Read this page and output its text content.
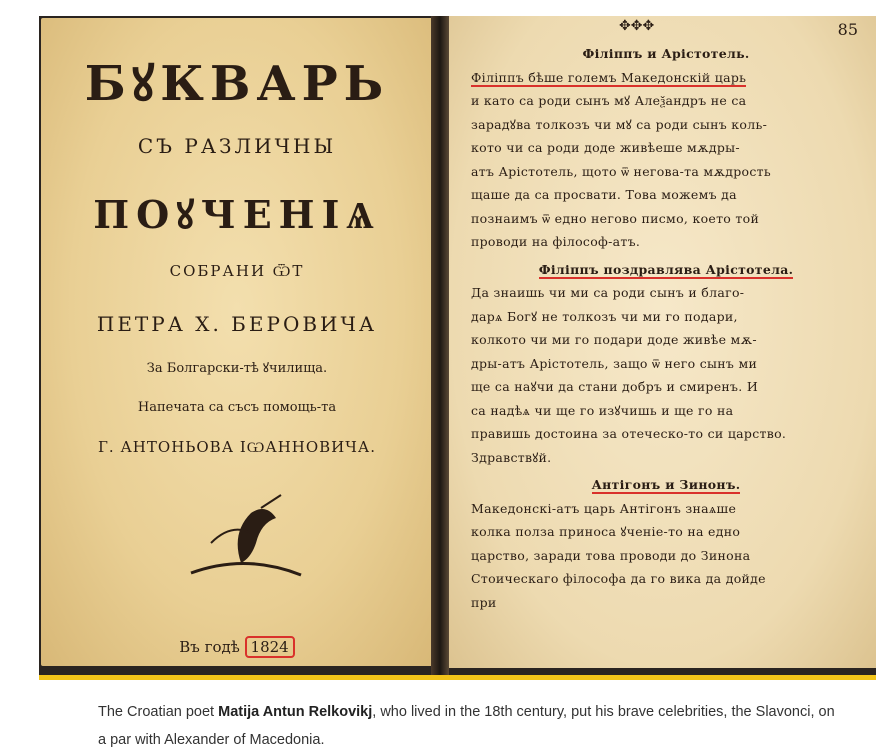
БꙋКВАРЬ
СЪ РАЗЛИЧНЫ
ПОꙋЧЕНІѦ
СОБРАНИ ѾТ
ПЕТРА Х. БЕРОВИЧА
За Болгарски-тѣ ꙋчилища.
Напечата са съсъ помощь-та
Г. АНТОНЬОВА ІѠАННОВИЧА.
Въ годѣ 1824
85
✥✥✥
Філіппъ и Арістотель.
Філіппъ бѣше големъ Македонскій царь
и като са роди сынъ мꙋ Алеѯандръ не са
зарадꙋва толкозъ чи мꙋ са роди сынъ коль-
кото чи са роди доде живѣеше мѫдры-
атъ Арістотель, щото ѿ негова-та мѫдрость
щаше да са просвати. Това можемъ да
познаимъ ѿ едно негово писмо, което той
проводи на філософ-атъ.
Філіппъ поздравлява Арістотела.
Да знаишь чи ми са роди сынъ и благо-
дарѧ Богꙋ не толкозъ чи ми го подари,
колкото чи ми го подари доде живѣе мѫ-
дры-атъ Арістотель, защо ѿ него сынъ ми
ще са наꙋчи да стани добръ и смиренъ. И
са надѣѧ чи ще го изꙋчишь и ще го на
правишь достоина за отеческо-то си царство.
Здравствꙋй.
Антігонъ и Зинонъ.
Македонскі-атъ царь Антігонъ знаѧше
колка полза приноса ꙋченіе-то на едно
царство, заради това проводи до Зинона
Стоическаго філософа да го вика да дойде
при
The Croatian poet Matija Antun Relkovikj, who lived in the 18th century, put his brave celebrities, the Slavonci, on a par with Alexander of Macedonia.
